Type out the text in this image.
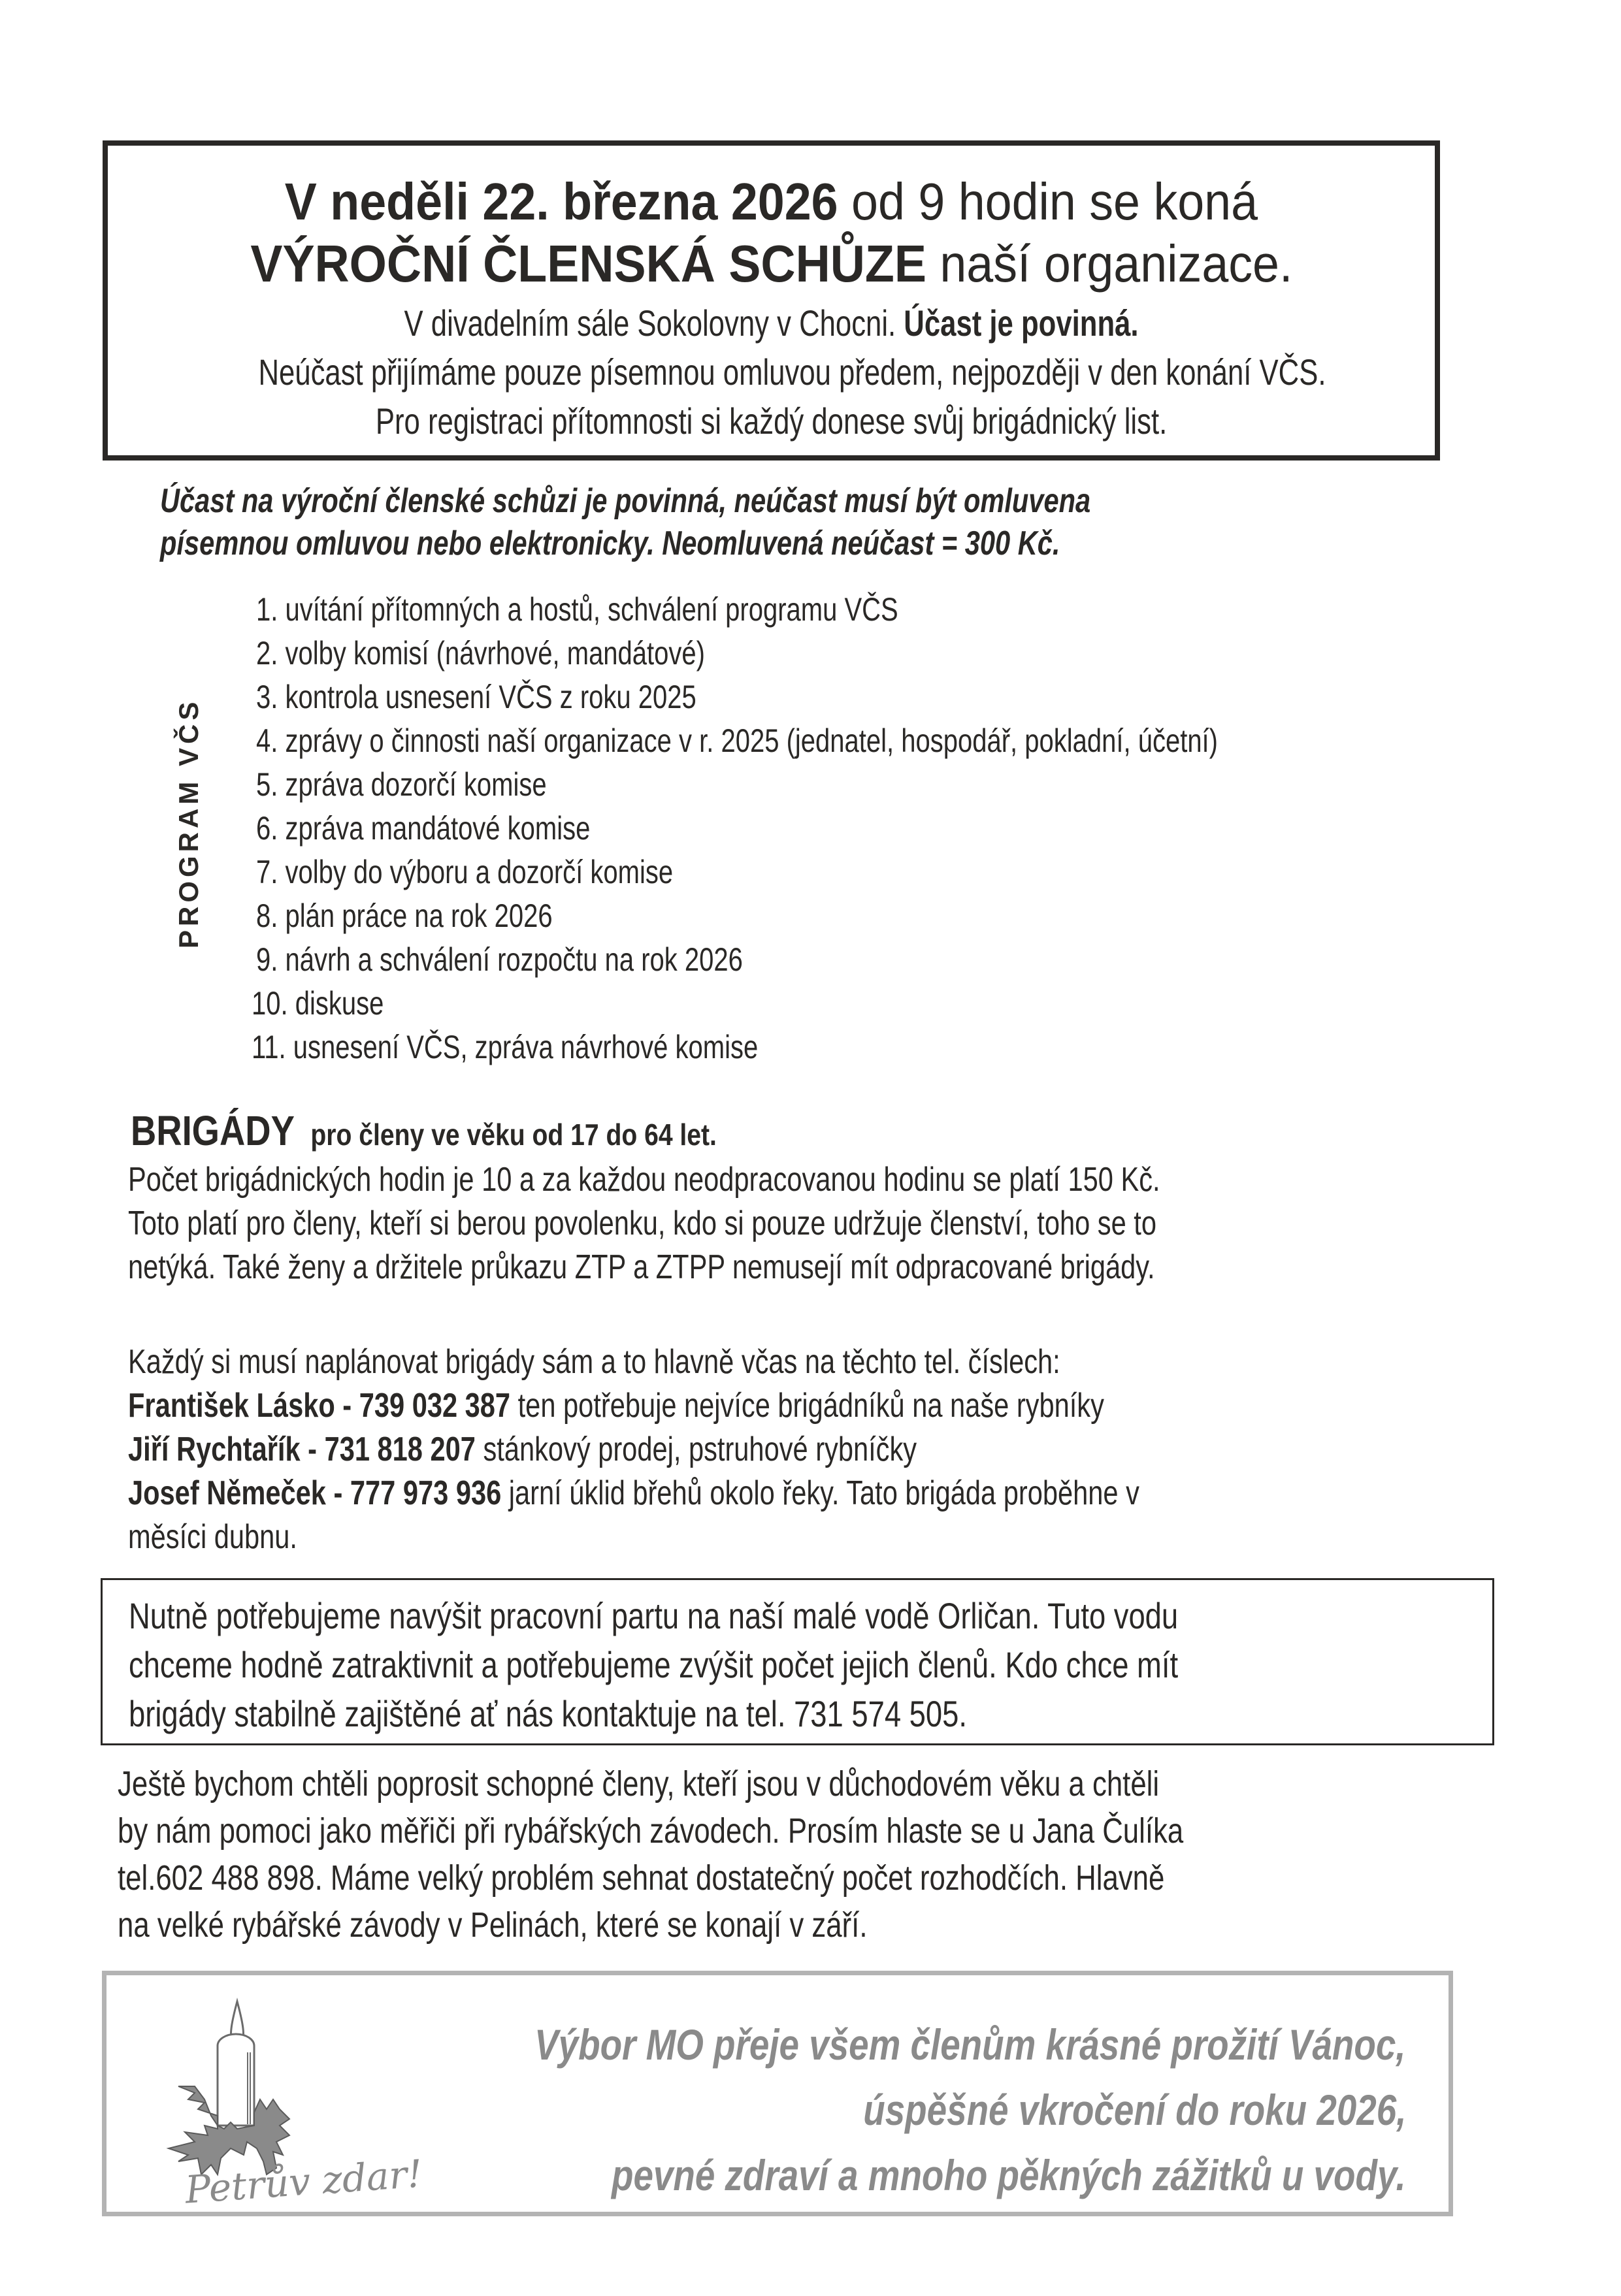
V neděli 22. března 2026 od 9 hodin se koná
VÝROČNÍ ČLENSKÁ SCHŮZE naší organizace.
V divadelním sále Sokolovny v Chocni. Účast je povinná.
Neúčast přijímáme pouze písemnou omluvou předem, nejpozději v den konání VČS.
Pro registraci přítomnosti si každý donese svůj brigádnický list.
Účast na výroční členské schůzi je povinná, neúčast musí být omluvena
písemnou omluvou nebo elektronicky. Neomluvená neúčast = 300 Kč.
PROGRAM VČS
1. uvítání přítomných a hostů, schválení programu VČS
2. volby komisí (návrhové, mandátové)
3. kontrola usnesení VČS z roku 2025
4. zprávy o činnosti naší organizace v r. 2025 (jednatel, hospodář, pokladní, účetní)
5. zpráva dozorčí komise
6. zpráva mandátové komise
7. volby do výboru a dozorčí komise
8. plán práce na rok 2026
9. návrh a schválení rozpočtu na rok 2026
10. diskuse
11. usnesení VČS, zpráva návrhové komise
BRIGÁDY pro členy ve věku od 17 do 64 let.
Počet brigádnických hodin je 10 a za každou neodpracovanou hodinu se platí 150 Kč.
Toto platí pro členy, kteří si berou povolenku, kdo si pouze udržuje členství, toho se to
netýká. Také ženy a držitele průkazu ZTP a ZTPP nemusejí mít odpracované brigády.
Každý si musí naplánovat brigády sám a to hlavně včas na těchto tel. číslech:
František Lásko - 739 032 387 ten potřebuje nejvíce brigádníků na naše rybníky
Jiří Rychtařík - 731 818 207 stánkový prodej, pstruhové rybníčky
Josef Němeček - 777 973 936 jarní úklid břehů okolo řeky. Tato brigáda proběhne v
měsíci dubnu.
Nutně potřebujeme navýšit pracovní partu na naší malé vodě Orličan. Tuto vodu
chceme hodně zatraktivnit a potřebujeme zvýšit počet jejich členů. Kdo chce mít
brigády stabilně zajištěné ať nás kontaktuje na tel. 731 574 505.
Ještě bychom chtěli poprosit schopné členy, kteří jsou v důchodovém věku a chtěli
by nám pomoci jako měřiči při rybářských závodech. Prosím hlaste se u Jana Čulíka
tel.602 488 898. Máme velký problém sehnat dostatečný počet rozhodčích. Hlavně
na velké rybářské závody v Pelinách, které se konají v září.
Petrův zdar!
Výbor MO přeje všem členům krásné prožití Vánoc,
úspěšné vkročení do roku 2026,
pevné zdraví a mnoho pěkných zážitků u vody.
